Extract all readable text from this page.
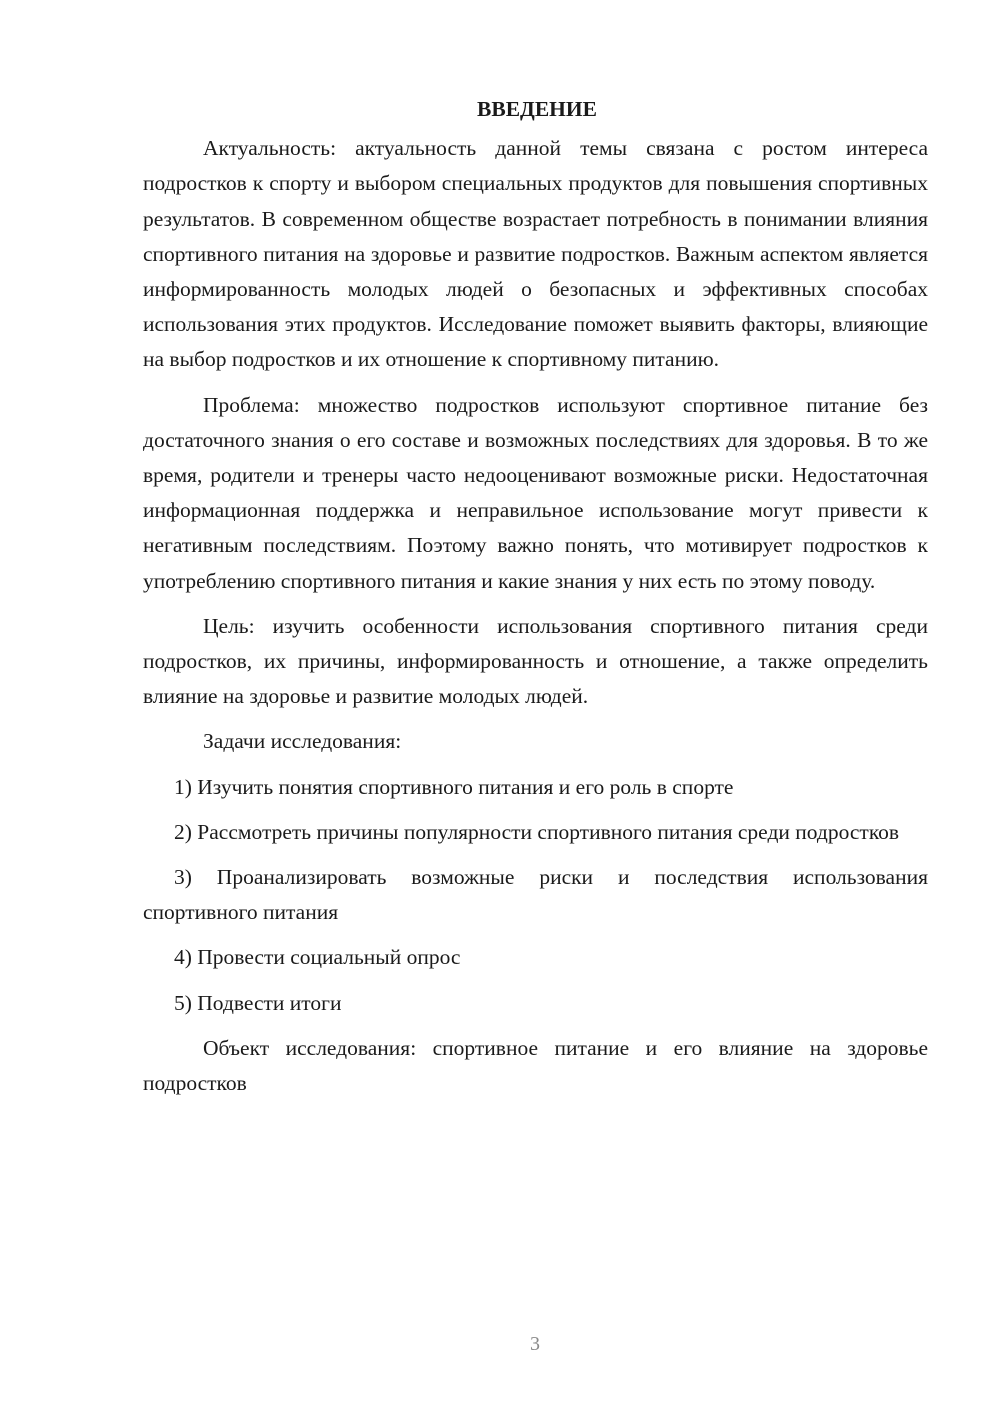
ВВЕДЕНИЕ

Актуальность: актуальность данной темы связана с ростом интереса подростков к спорту и выбором специальных продуктов для повышения спортивных результатов. В современном обществе возрастает потребность в понимании влияния спортивного питания на здоровье и развитие подростков. Важным аспектом является информированность молодых людей о безопасных и эффективных способах использования этих продуктов. Исследование поможет выявить факторы, влияющие на выбор подростков и их отношение к спортивному питанию.

Проблема: множество подростков используют спортивное питание без достаточного знания о его составе и возможных последствиях для здоровья. В то же время, родители и тренеры часто недооценивают возможные риски. Недостаточная информационная поддержка и неправильное использование могут привести к негативным последствиям. Поэтому важно понять, что мотивирует подростков к употреблению спортивного питания и какие знания у них есть по этому поводу.

Цель: изучить особенности использования спортивного питания среди подростков, их причины, информированность и отношение, а также определить влияние на здоровье и развитие молодых людей.

Задачи исследования:

1) Изучить понятия спортивного питания и его роль в спорте

2) Рассмотреть причины популярности спортивного питания среди подростков

3) Проанализировать возможные риски и последствия использования спортивного питания

4) Провести социальный опрос

5) Подвести итоги

Объект исследования: спортивное питание и его влияние на здоровье подростков

3
